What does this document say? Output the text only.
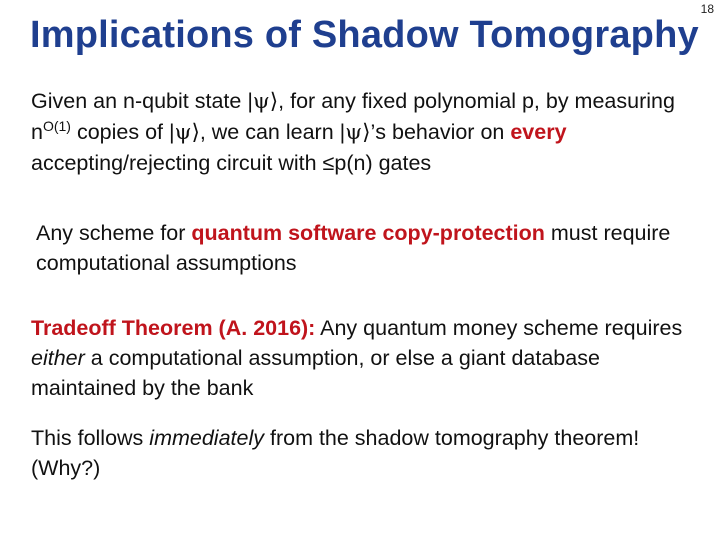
18
Implications of Shadow Tomography
Given an n-qubit state |ψ⟩, for any fixed polynomial p, by measuring $n^{O(1)}$ copies of |ψ⟩, we can learn |ψ⟩’s behavior on every accepting/rejecting circuit with ≤p(n) gates
Any scheme for quantum software copy-protection must require computational assumptions
Tradeoff Theorem (A. 2016): Any quantum money scheme requires either a computational assumption, or else a giant database maintained by the bank
This follows immediately from the shadow tomography theorem! (Why?)
